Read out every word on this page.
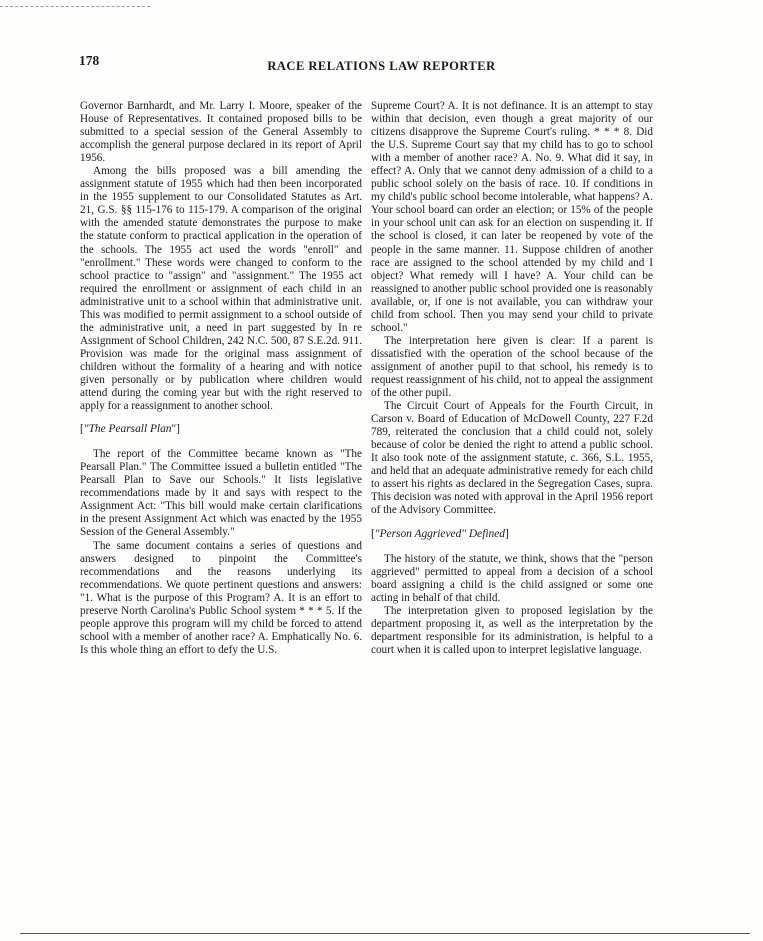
178	RACE RELATIONS LAW REPORTER

Governor Barnhardt, and Mr. Larry I. Moore, speaker of the House of Representatives. It contained proposed bills to be submitted to a special session of the General Assembly to accomplish the general purpose declared in its report of April 1956.

Among the bills proposed was a bill amending the assignment statute of 1955 which had then been incorporated in the 1955 supplement to our Consolidated Statutes as Art. 21, G.S. §§ 115-176 to 115-179. A comparison of the original with the amended statute demonstrates the purpose to make the statute conform to practical application in the operation of the schools. The 1955 act used the words "enroll" and "enrollment." These words were changed to conform to the school practice to "assign" and "assignment." The 1955 act required the enrollment or assignment of each child in an administrative unit to a school within that administrative unit. This was modified to permit assignment to a school outside of the administrative unit, a need in part suggested by In re Assignment of School Children, 242 N.C. 500, 87 S.E.2d. 911. Provision was made for the original mass assignment of children without the formality of a hearing and with notice given personally or by publication where children would attend during the coming year but with the right reserved to apply for a reassignment to another school.

["The Pearsall Plan"]

The report of the Committee became known as "The Pearsall Plan." The Committee issued a bulletin entitled "The Pearsall Plan to Save our Schools." It lists legislative recommendations made by it and says with respect to the Assignment Act: "This bill would make certain clarifications in the present Assignment Act which was enacted by the 1955 Session of the General Assembly."

The same document contains a series of questions and answers designed to pinpoint the Committee's recommendations and the reasons underlying its recommendations. We quote pertinent questions and answers: "1. What is the purpose of this Program? A. It is an effort to preserve North Carolina's Public School system * * * 5. If the people approve this program will my child be forced to attend school with a member of another race? A. Emphatically No. 6. Is this whole thing an effort to defy the U.S.

Supreme Court? A. It is not definance. It is an attempt to stay within that decision, even though a great majority of our citizens disapprove the Supreme Court's ruling. * * * 8. Did the U.S. Supreme Court say that my child has to go to school with a member of another race? A. No. 9. What did it say, in effect? A. Only that we cannot deny admission of a child to a public school solely on the basis of race. 10. If conditions in my child's public school become intolerable, what happens? A. Your school board can order an election; or 15% of the people in your school unit can ask for an election on suspending it. If the school is closed, it can later be reopened by vote of the people in the same manner. 11. Suppose children of another race are assigned to the school attended by my child and I object? What remedy will I have? A. Your child can be reassigned to another public school provided one is reasonably available, or, if one is not available, you can withdraw your child from school. Then you may send your child to private school."

The interpretation here given is clear: If a parent is dissatisfied with the operation of the school because of the assignment of another pupil to that school, his remedy is to request reassignment of his child, not to appeal the assignment of the other pupil.

The Circuit Court of Appeals for the Fourth Circuit, in Carson v. Board of Education of McDowell County, 227 F.2d 789, reiterated the conclusion that a child could not, solely because of color be denied the right to attend a public school. It also took note of the assignment statute, c. 366, S.L. 1955, and held that an adequate administrative remedy for each child to assert his rights as declared in the Segregation Cases, supra. This decision was noted with approval in the April 1956 report of the Advisory Committee.

["Person Aggrieved" Defined]

The history of the statute, we think, shows that the "person aggrieved" permitted to appeal from a decision of a school board assigning a child is the child assigned or some one acting in behalf of that child.

The interpretation given to proposed legislation by the department proposing it, as well as the interpretation by the department responsible for its administration, is helpful to a court when it is called upon to interpret legislative language.
